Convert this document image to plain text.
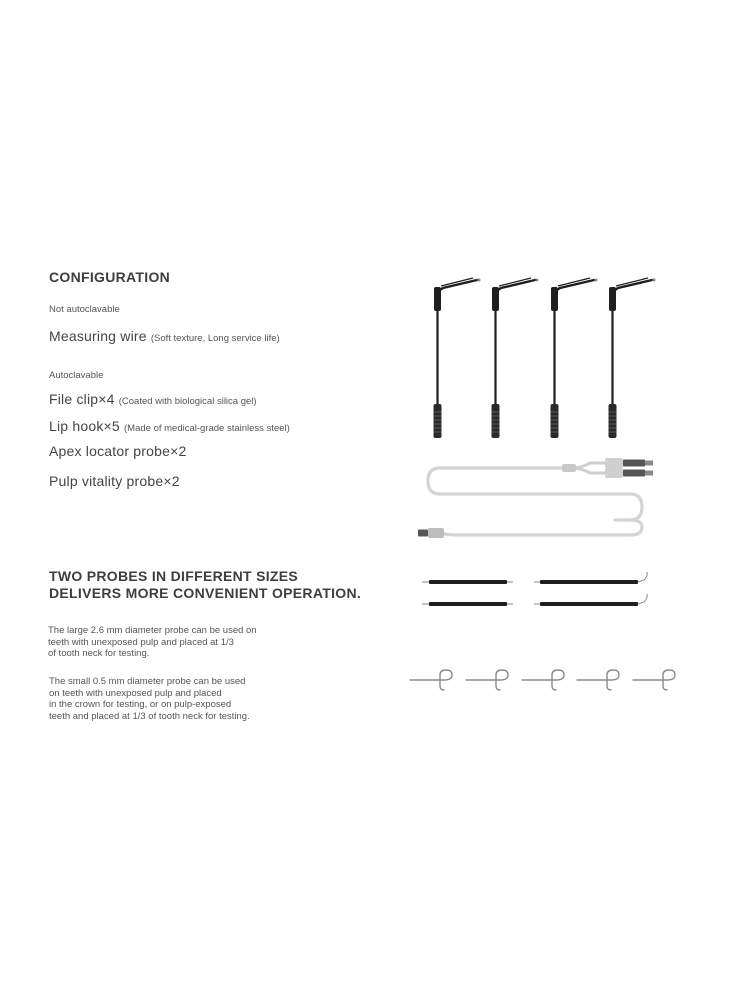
CONFIGURATION
Not autoclavable
Measuring wire (Soft texture, Long service life)
Autoclavable
File clip×4 (Coated with biological silica gel)
Lip hook×5 (Made of medical-grade stainless steel)
Apex locator probe×2
Pulp vitality probe×2
TWO PROBES IN DIFFERENT SIZES
DELIVERS MORE CONVENIENT OPERATION.
The large 2.6 mm diameter probe can be used on
teeth with unexposed pulp and placed at 1/3
of tooth neck for testing.
The small 0.5 mm diameter probe can be used
on teeth with unexposed pulp and placed
in the crown for testing, or on pulp-exposed
teeth and placed at 1/3 of tooth neck for testing.
